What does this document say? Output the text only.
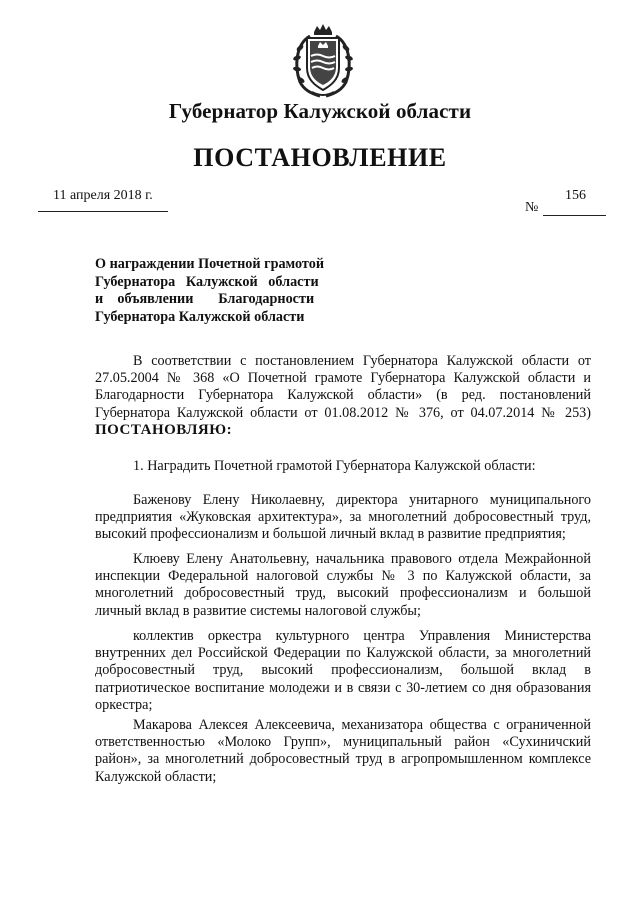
Губернатор Калужской области
ПОСТАНОВЛЕНИЕ
11 апреля 2018 г.	156
№
О награждении Почетной грамотой
Губернатора   Калужской   области
и    объявлении       Благодарности
Губернатора Калужской области
В соответствии с постановлением Губернатора Калужской области от 27.05.2004 № 368 «О Почетной грамоте Губернатора Калужской области и Благодарности Губернатора Калужской области» (в ред. постановлений Губернатора Калужской области от 01.08.2012 № 376, от 04.07.2014 № 253) ПОСТАНОВЛЯЮ:
1. Наградить Почетной грамотой Губернатора Калужской области:
Баженову Елену Николаевну, директора унитарного муниципального предприятия «Жуковская архитектура», за многолетний добросовестный труд, высокий профессионализм и большой личный вклад в развитие предприятия;
Клюеву Елену Анатольевну, начальника правового отдела Межрайонной инспекции Федеральной налоговой службы № 3 по Калужской области, за многолетний добросовестный труд, высокий профессионализм и большой личный вклад в развитие системы налоговой службы;
коллектив оркестра культурного центра Управления Министерства внутренних дел Российской Федерации по Калужской области, за многолетний добросовестный труд, высокий профессионализм, большой вклад в патриотическое воспитание молодежи и в связи с 30-летием со дня образования оркестра;
Макарова Алексея Алексеевича, механизатора общества с ограниченной ответственностью «Молоко Групп», муниципальный район «Сухиничский район», за многолетний добросовестный труд в агропромышленном комплексе Калужской области;
